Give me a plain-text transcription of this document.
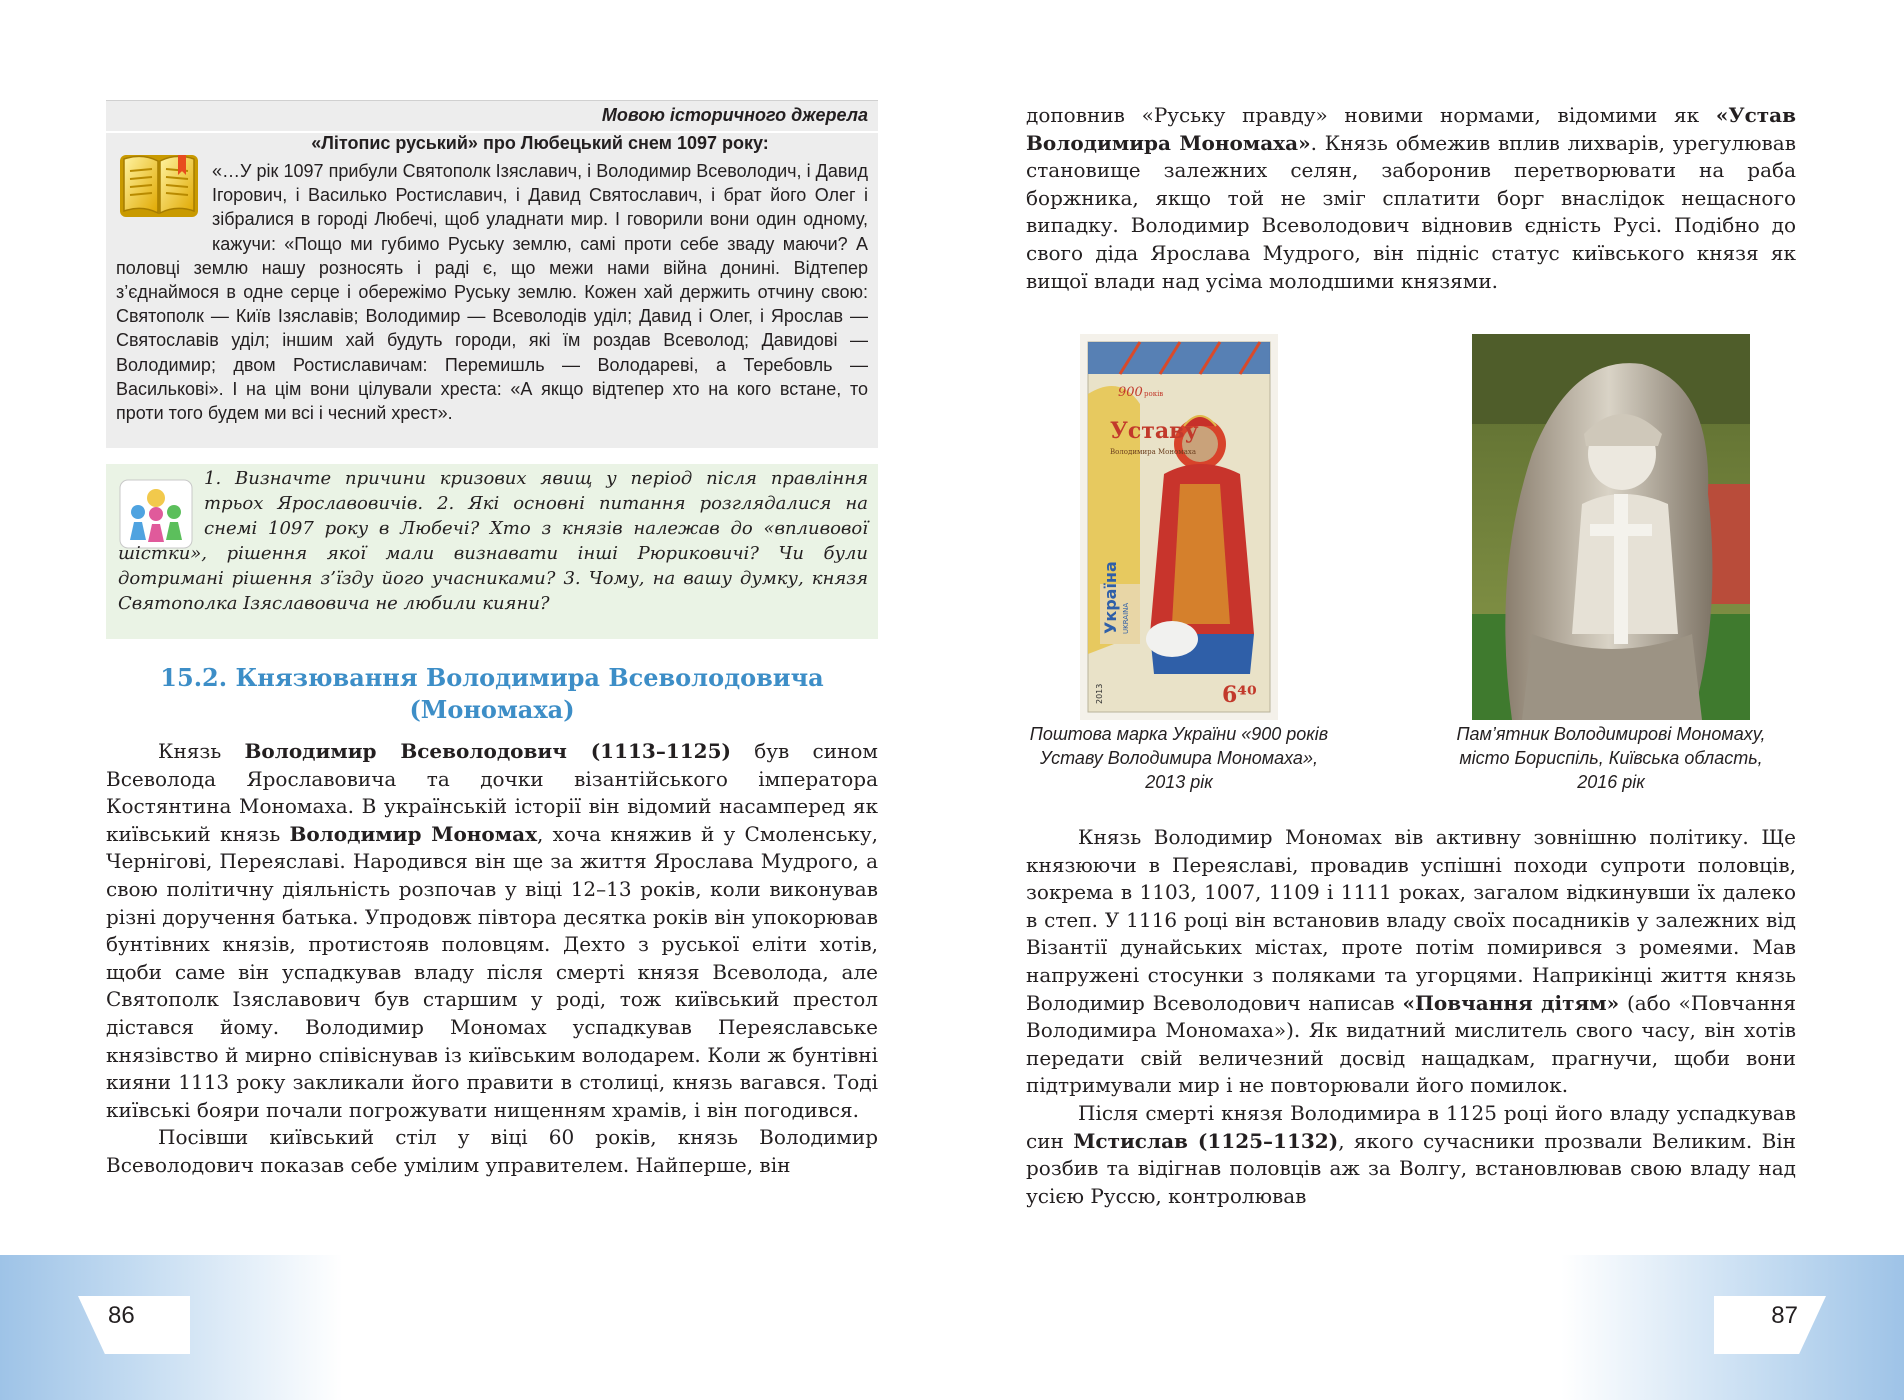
86
Мовою історичного джерела
«Літопис руський» про Любецький снем 1097 року:
«…У рік 1097 прибули Святополк Ізяславич, і Володимир Всеволодич, і Давид Ігорович, і Василько Ростиславич, і Давид Святославич, і брат його Олег і зібралися в городі Любечі, щоб уладнати мир. І говорили вони один одному, кажучи: «Пощо ми губимо Руську землю, самі проти себе зваду маючи? А половці землю нашу розносять і раді є, що межи нами війна донині. Відтепер з’єднаймося в одне серце і обережімо Руську землю. Кожен хай держить отчину свою: Святополк — Київ Ізяславів; Володимир — Всеволодів уділ; Давид і Олег, і Ярослав — Святославів уділ; іншим хай будуть городи, які їм роздав Всеволод; Давидові — Володимир; двом Ростиславичам: Перемишль — Володареві, а Теребовль — Василькові». І на цім вони цілували хреста: «А якщо відтепер хто на кого встане, то проти того будем ми всі і чесний хрест».
1. Визначте причини кризових явищ у період після правління трьох Ярославовичів. 2. Які основні питання розглядалися на снемі 1097 року в Любечі? Хто з князів належав до «впливової шістки», рішення якої мали визнавати інші Рюриковичі? Чи були дотримані рішення з’їзду його учасниками? 3. Чому, на вашу думку, князя Святополка Ізяславовича не любили кияни?
15.2. Князювання Володимира Всеволодовича
(Мономаха)

Князь Володимир Всеволодович (1113–1125) був сином Всеволода Ярославовича та дочки візантійського імператора Костянтина Мономаха. В українській історії він відомий насамперед як київський князь Володимир Мономах, хоча княжив й у Смоленську, Чернігові, Переяславі. Народився він ще за життя Ярослава Мудрого, а свою політичну діяльність розпочав у віці 12–13 років, коли виконував різні доручення батька. Упродовж півтора десятка років він упокорював бунтівних князів, протистояв половцям. Дехто з руської еліти хотів, щоби саме він успадкував владу після смерті князя Всеволода, але Святополк Ізяславович був старшим у роді, тож київський престол дістався йому. Володимир Мономах успадкував Переяславське князівство й мирно співіснував із київським володарем. Коли ж бунтівні кияни 1113 року закликали його правити в столиці, князь вагався. Тоді київські бояри почали погрожувати нищенням храмів, і він погодився.

Посівши київський стіл у віці 60 років, князь Володимир Всеволодович показав себе умілим управителем. Найперше, він

87

доповнив «Руську правду» новими нормами, відомими як «Устав Володимира Мономаха». Князь обмежив вплив лихварів, урегулював становище залежних селян, заборонив перетворювати на раба боржника, якщо той не зміг сплатити борг внаслідок нещасного випадку. Володимир Всеволодович відновив єдність Русі. Подібно до свого діда Ярослава Мудрого, він підніс статус київського князя як вищої влади над усіма молодшими князями.

900 років
Уставу
Володимира Мономаха
Україна UKRAINA
2013	6⁴⁰
Поштова марка України «900 років
Уставу Володимира Мономаха»,
2013 рік
Пам’ятник Володимирові Мономаху,
місто Бориспіль, Київська область,
2016 рік

Князь Володимир Мономах вів активну зовнішню політику. Ще князюючи в Переяславі, провадив успішні походи супроти половців, зокрема в 1103, 1007, 1109 і 1111 роках, загалом відкинувши їх далеко в степ. У 1116 році він встановив владу своїх посадників у залежних від Візантії дунайських містах, проте потім помирився з ромеями. Мав напружені стосунки з поляками та угорцями. Наприкінці життя князь Володимир Всеволодович написав «Повчання дітям» (або «Повчання Володимира Мономаха»). Як видатний мислитель свого часу, він хотів передати свій величезний досвід нащадкам, прагнучи, щоби вони підтримували мир і не повторювали його помилок.

Після смерті князя Володимира в 1125 році його владу успадкував син Мстислав (1125–1132), якого сучасники прозвали Великим. Він розбив та відігнав половців аж за Волгу, встановлював свою владу над усією Руссю, контролював
